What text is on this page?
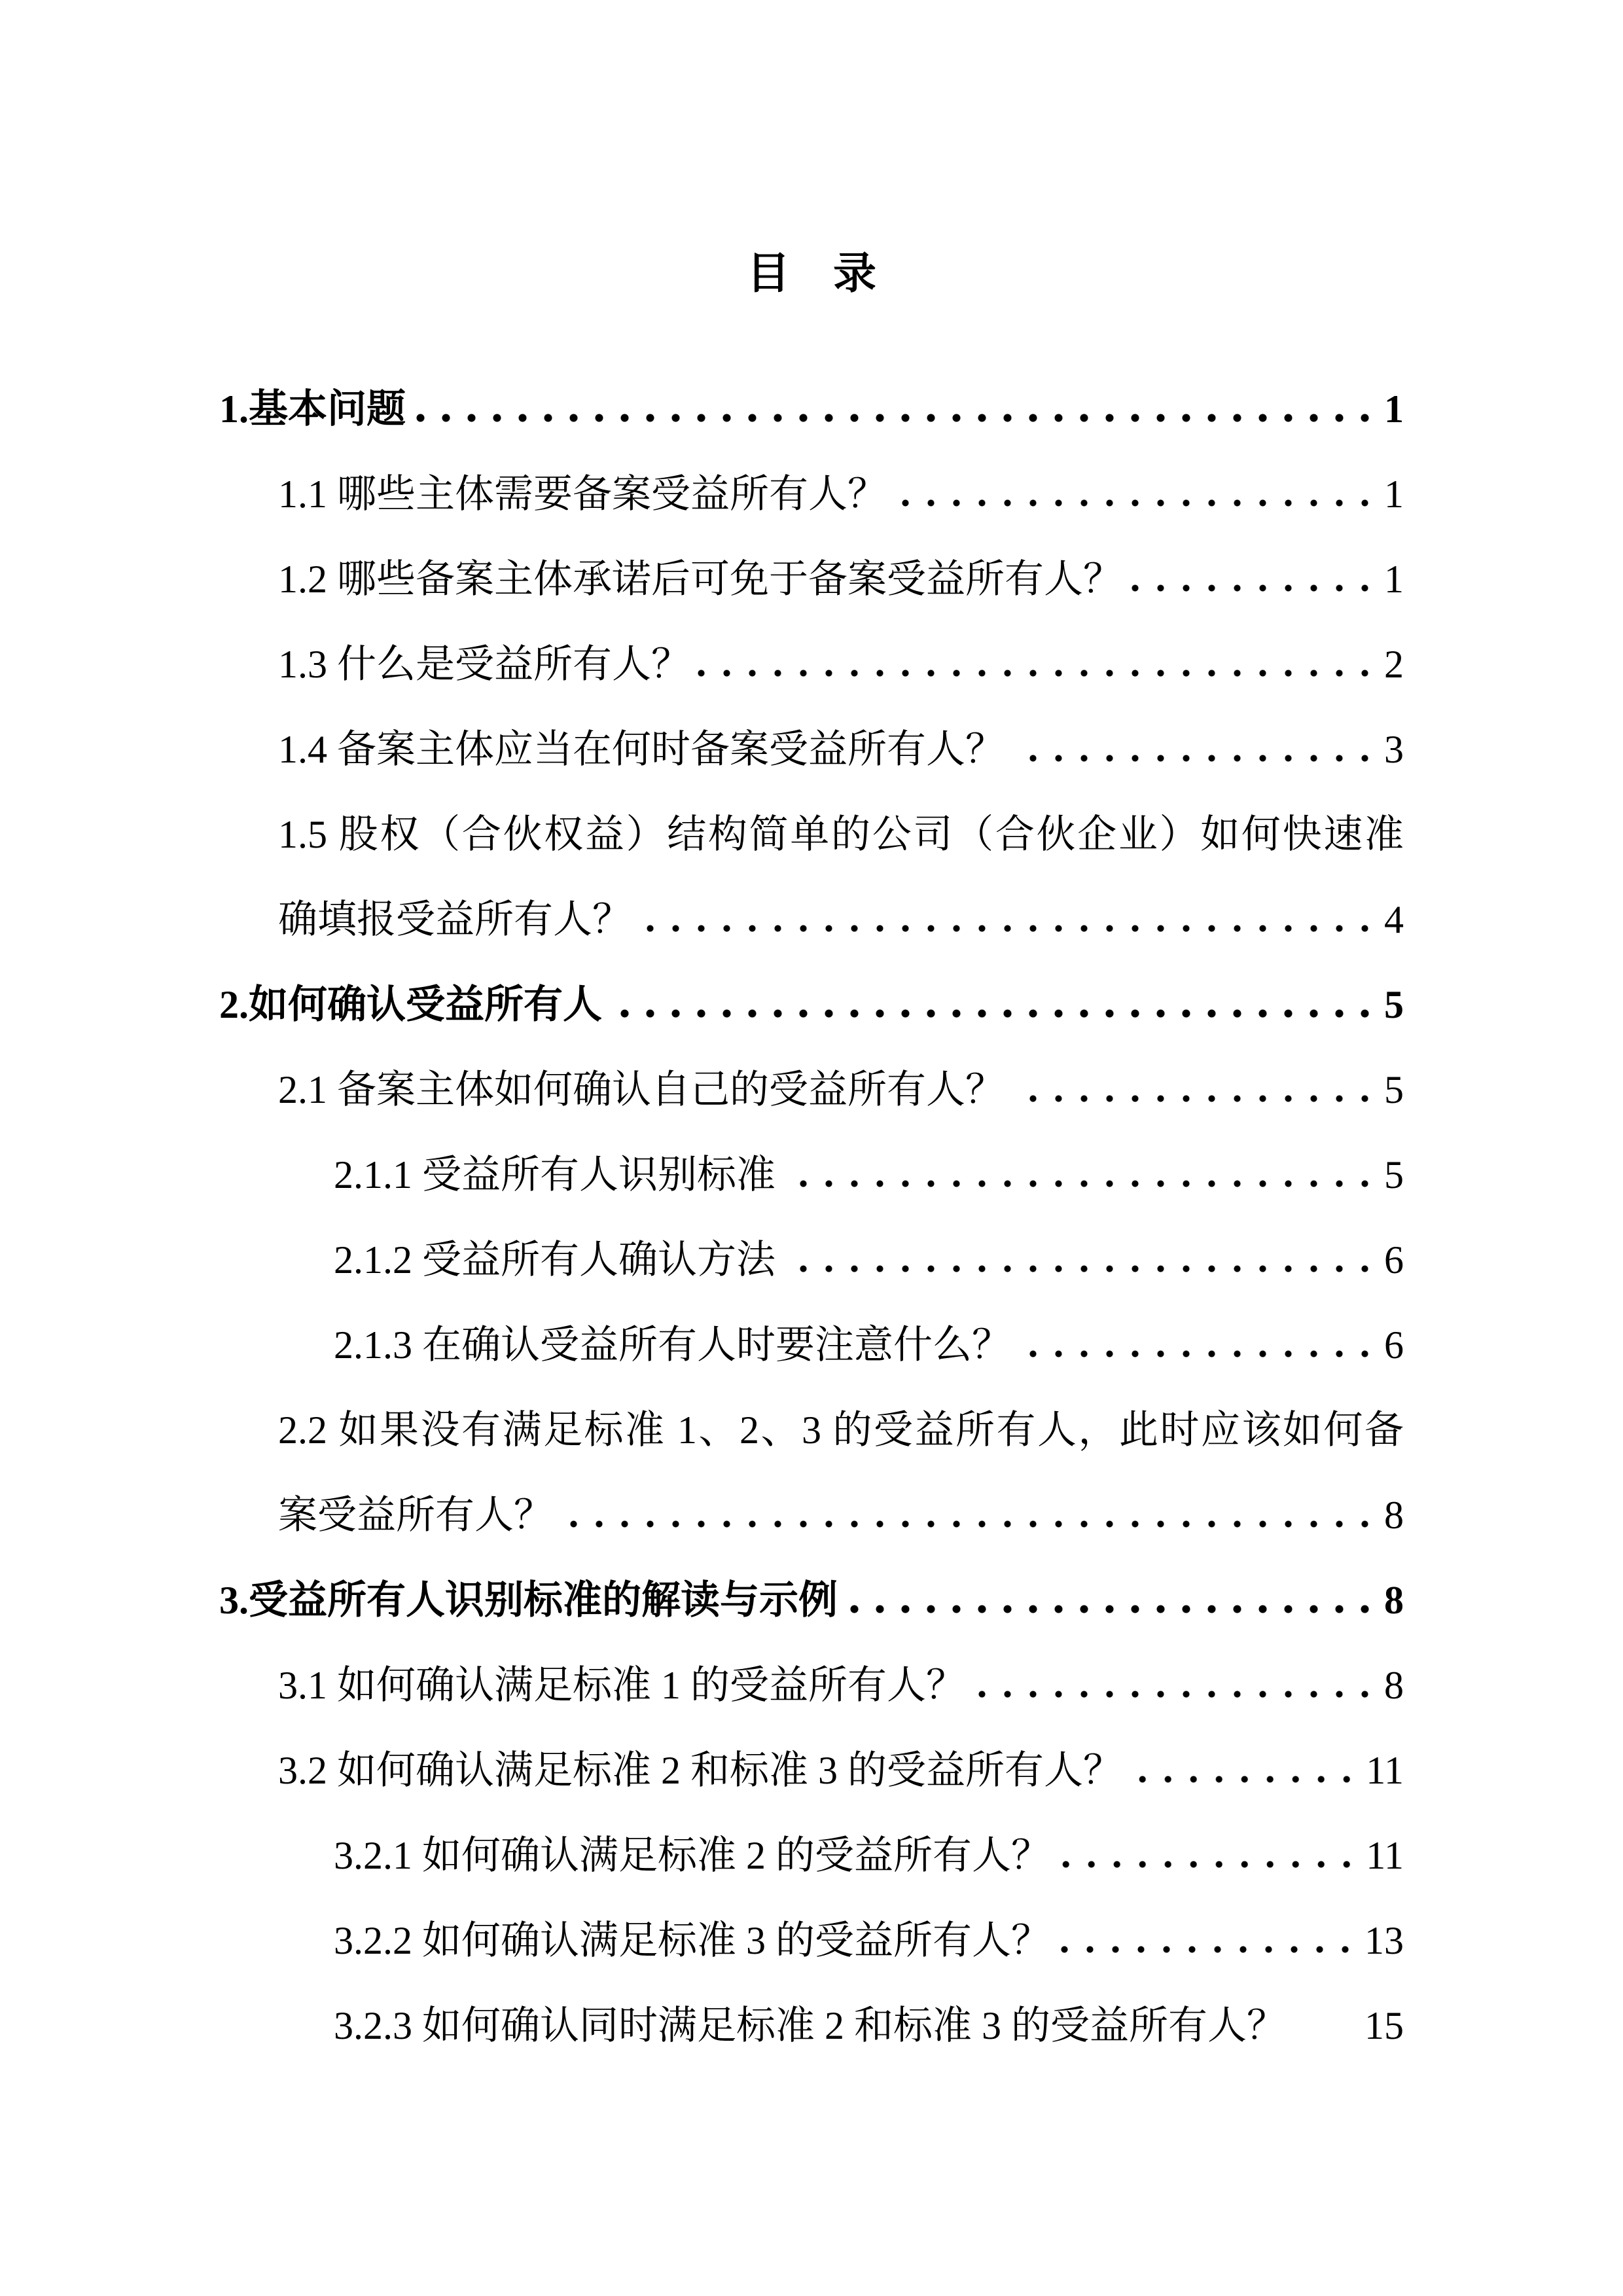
目　录
1.基本问题	1
1.1 哪些主体需要备案受益所有人？	1
1.2 哪些备案主体承诺后可免于备案受益所有人？	1
1.3 什么是受益所有人？	2
1.4 备案主体应当在何时备案受益所有人？	3
1.5 股权（合伙权益）结构简单的公司（合伙企业）如何快速准
确填报受益所有人？	4
2.如何确认受益所有人	5
2.1 备案主体如何确认自己的受益所有人？	5
2.1.1 受益所有人识别标准	5
2.1.2 受益所有人确认方法	6
2.1.3 在确认受益所有人时要注意什么？	6
2.2 如果没有满足标准 1、2、3 的受益所有人，此时应该如何备
案受益所有人？	8
3.受益所有人识别标准的解读与示例	8
3.1 如何确认满足标准 1 的受益所有人？	8
3.2 如何确认满足标准 2 和标准 3 的受益所有人？	11
3.2.1 如何确认满足标准 2 的受益所有人？	11
3.2.2 如何确认满足标准 3 的受益所有人？	13
3.2.3 如何确认同时满足标准 2 和标准 3 的受益所有人？ 15
